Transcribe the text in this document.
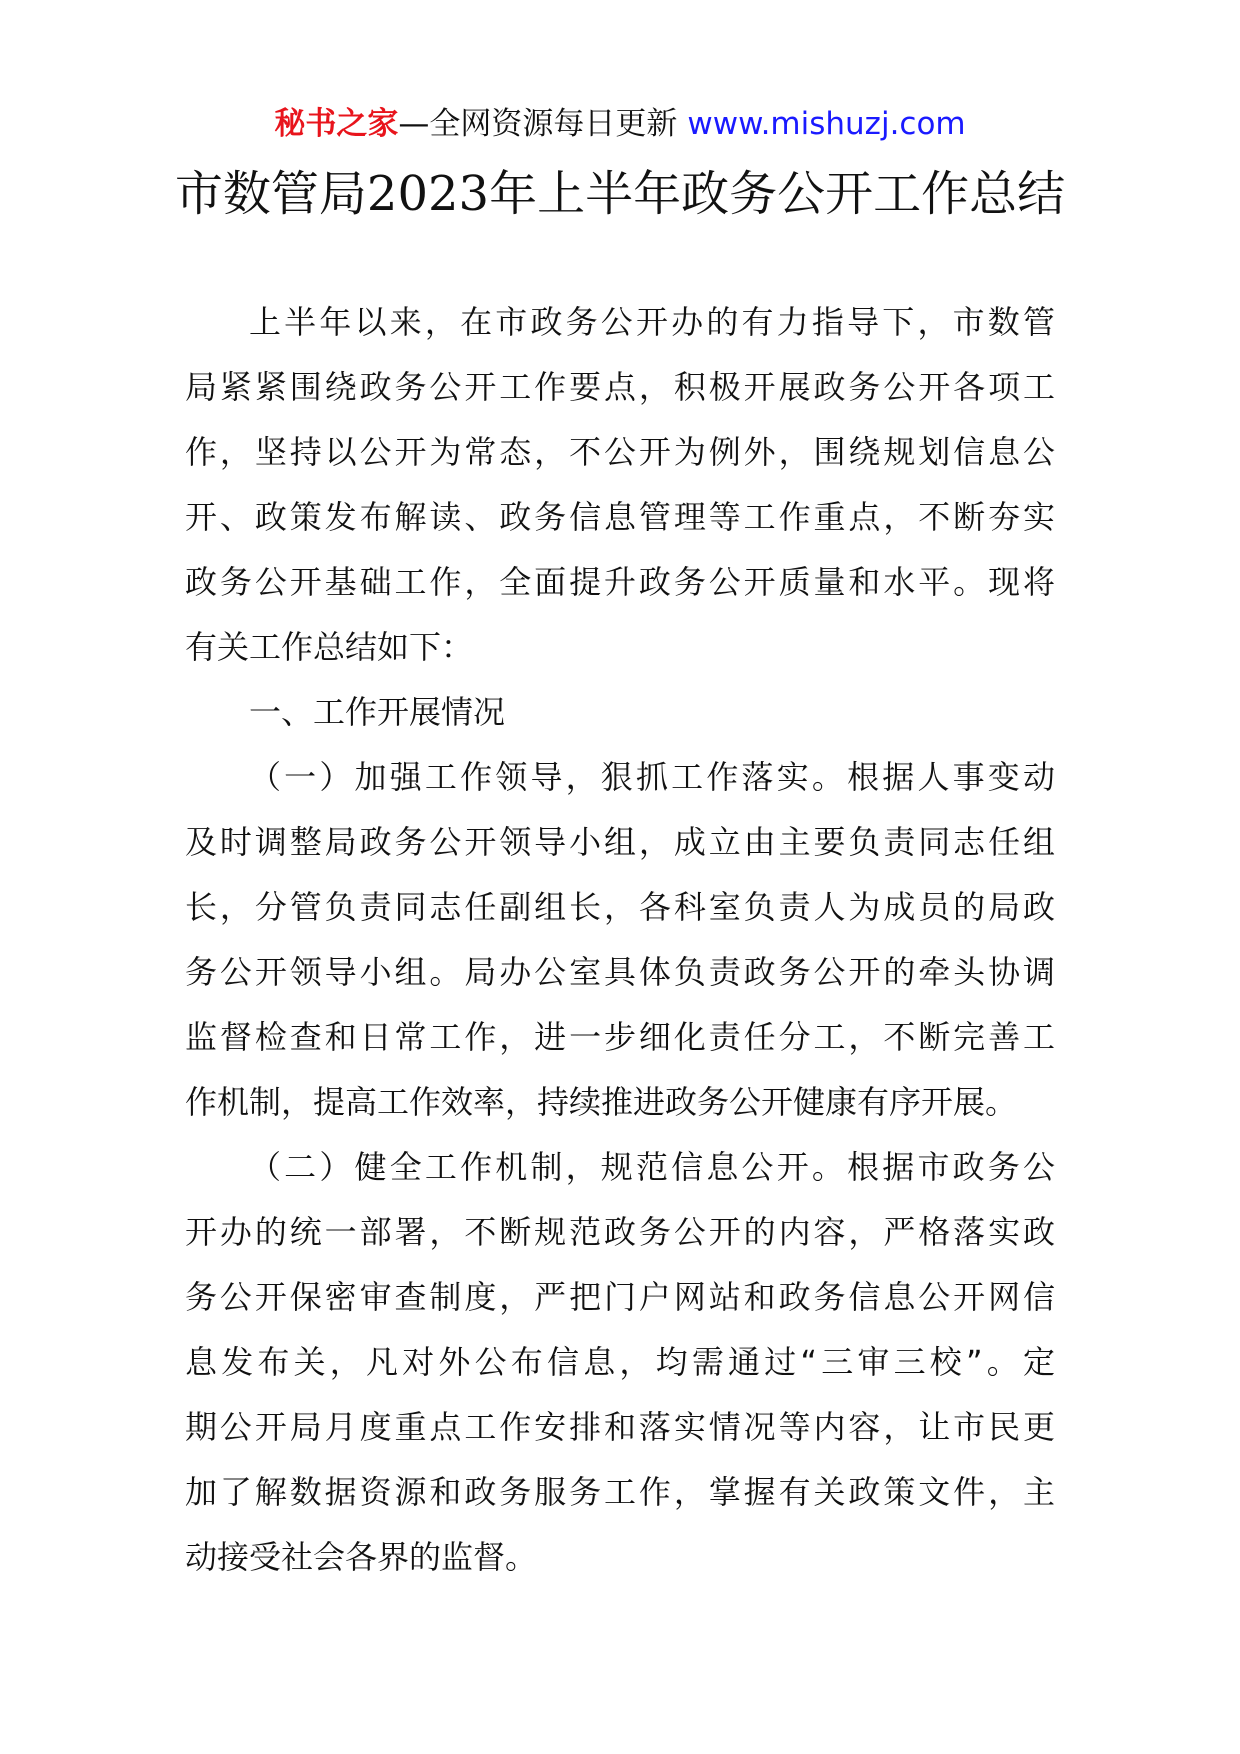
秘书之家—全网资源每日更新 www.mishuzj.com
市数管局2023年上半年政务公开工作总结
上半年以来，在市政务公开办的有力指导下，市数管
局紧紧围绕政务公开工作要点，积极开展政务公开各项工
作，坚持以公开为常态，不公开为例外，围绕规划信息公
开、政策发布解读、政务信息管理等工作重点，不断夯实
政务公开基础工作，全面提升政务公开质量和水平。现将
有关工作总结如下：
一、工作开展情况
（一）加强工作领导，狠抓工作落实。根据人事变动
及时调整局政务公开领导小组，成立由主要负责同志任组
长，分管负责同志任副组长，各科室负责人为成员的局政
务公开领导小组。局办公室具体负责政务公开的牵头协调
监督检查和日常工作，进一步细化责任分工，不断完善工
作机制，提高工作效率，持续推进政务公开健康有序开展。
（二）健全工作机制，规范信息公开。根据市政务公
开办的统一部署，不断规范政务公开的内容，严格落实政
务公开保密审查制度，严把门户网站和政务信息公开网信
息发布关，凡对外公布信息，均需通过“三审三校”。定
期公开局月度重点工作安排和落实情况等内容，让市民更
加了解数据资源和政务服务工作，掌握有关政策文件，主
动接受社会各界的监督。
